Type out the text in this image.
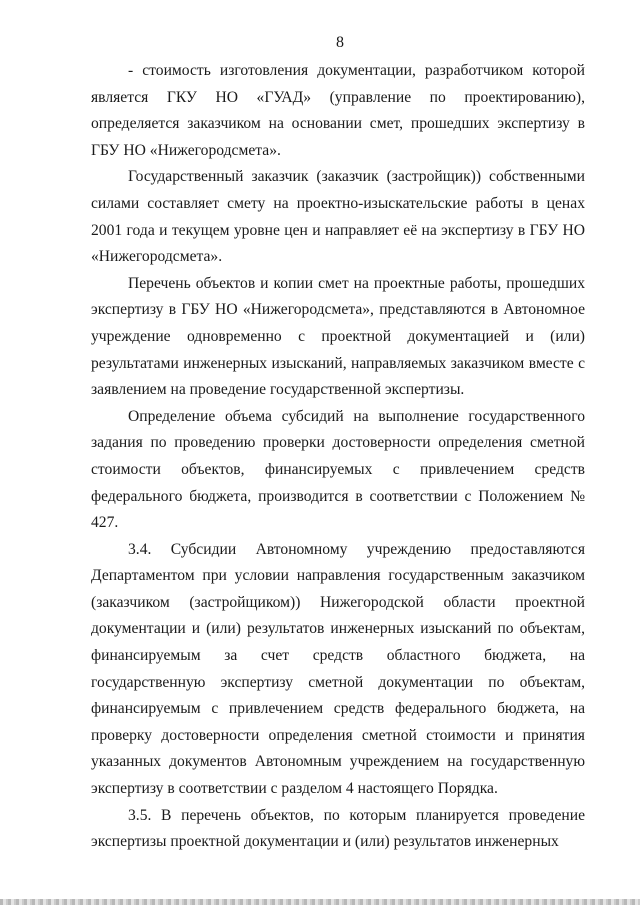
8

- стоимость изготовления документации, разработчиком которой является ГКУ НО «ГУАД» (управление по проектированию), определяется заказчиком на основании смет, прошедших экспертизу в ГБУ НО «Нижегородсмета».

Государственный заказчик (заказчик (застройщик)) собственными силами составляет смету на проектно-изыскательские работы в ценах 2001 года и текущем уровне цен и направляет её на экспертизу в ГБУ НО «Нижегородсмета».

Перечень объектов и копии смет на проектные работы, прошедших экспертизу в ГБУ НО «Нижегородсмета», представляются в Автономное учреждение одновременно с проектной документацией и (или) результатами инженерных изысканий, направляемых заказчиком вместе с заявлением на проведение государственной экспертизы.

Определение объема субсидий на выполнение государственного задания по проведению проверки достоверности определения сметной стоимости объектов, финансируемых с привлечением средств федерального бюджета, производится в соответствии с Положением № 427.

3.4. Субсидии Автономному учреждению предоставляются Департаментом при условии направления государственным заказчиком (заказчиком (застройщиком)) Нижегородской области проектной документации и (или) результатов инженерных изысканий по объектам, финансируемым за счет средств областного бюджета, на государственную экспертизу сметной документации по объектам, финансируемым с привлечением средств федерального бюджета, на проверку достоверности определения сметной стоимости и принятия указанных документов Автономным учреждением на государственную экспертизу в соответствии с разделом 4 настоящего Порядка.

3.5. В перечень объектов, по которым планируется проведение экспертизы проектной документации и (или) результатов инженерных
